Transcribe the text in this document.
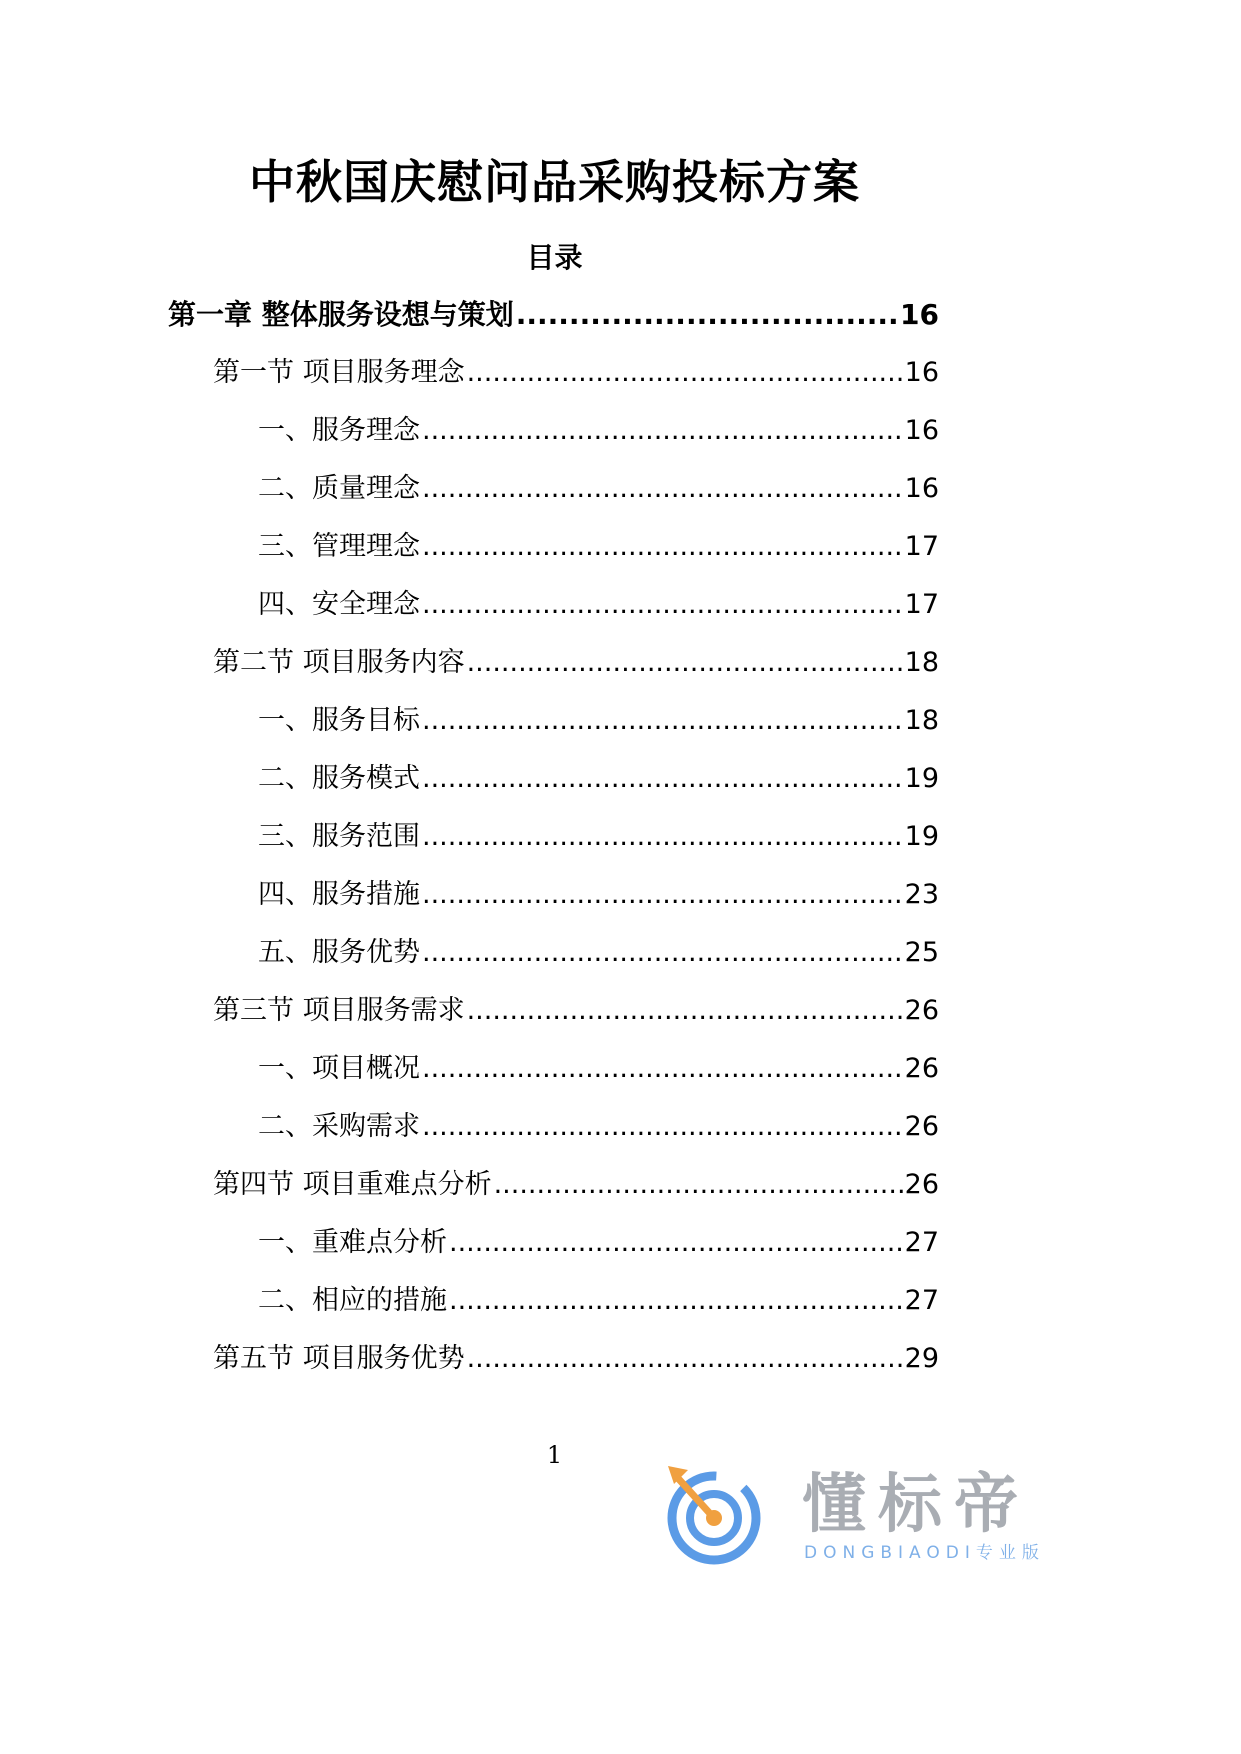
中秋国庆慰问品采购投标方案
目录
第一章 整体服务设想与策划 .....	16
第一节 项目服务理念 .....	16
一、服务理念 .....	16
二、质量理念 .....	16
三、管理理念 .....	17
四、安全理念 .....	17
第二节 项目服务内容 .....	18
一、服务目标 .....	18
二、服务模式 .....	19
三、服务范围 .....	19
四、服务措施 .....	23
五、服务优势 .....	25
第三节 项目服务需求 .....	26
一、项目概况 .....	26
二、采购需求 .....	26
第四节 项目重难点分析 .....	26
一、重难点分析 .....	27
二、相应的措施 .....	27
第五节 项目服务优势 .....	29
1
懂标帝
DONGBIAODI专业版
